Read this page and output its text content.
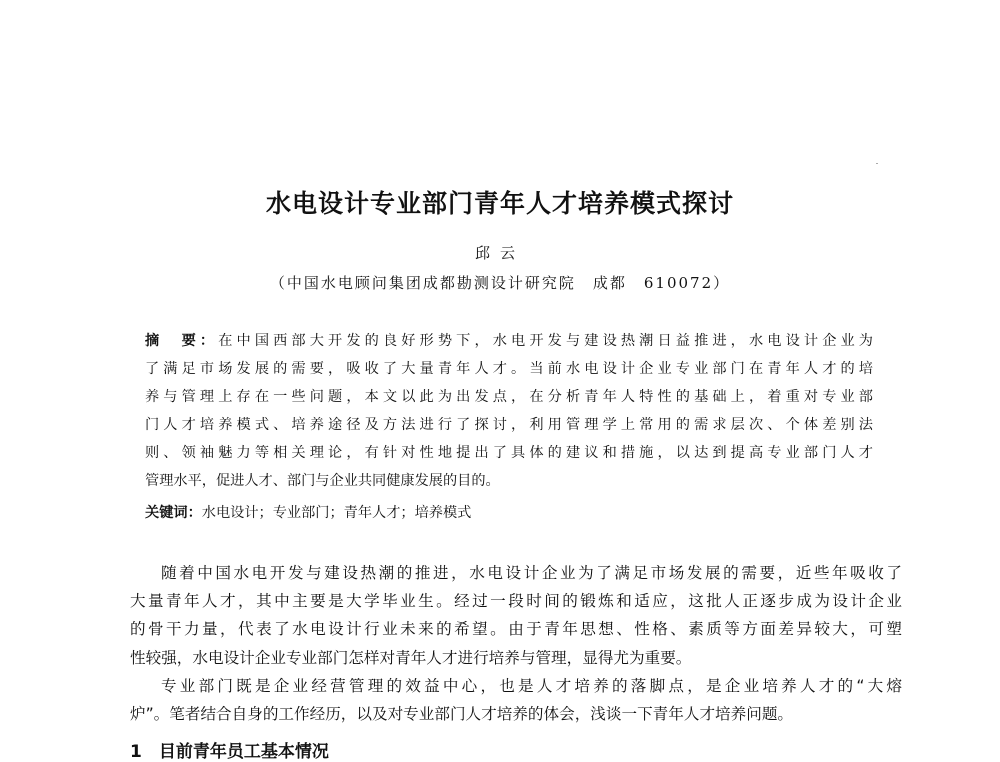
水电设计专业部门青年人才培养模式探讨
邱云
（中国水电顾问集团成都勘测设计研究院　成都　610072）
摘　要：在中国西部大开发的良好形势下，水电开发与建设热潮日益推进，水电设计企业为
了满足市场发展的需要，吸收了大量青年人才。当前水电设计企业专业部门在青年人才的培
养与管理上存在一些问题，本文以此为出发点，在分析青年人特性的基础上，着重对专业部
门人才培养模式、培养途径及方法进行了探讨，利用管理学上常用的需求层次、个体差别法
则、领袖魅力等相关理论，有针对性地提出了具体的建议和措施，以达到提高专业部门人才
管理水平，促进人才、部门与企业共同健康发展的目的。
关键词：水电设计；专业部门；青年人才；培养模式
随着中国水电开发与建设热潮的推进，水电设计企业为了满足市场发展的需要，近些年吸收了
大量青年人才，其中主要是大学毕业生。经过一段时间的锻炼和适应，这批人正逐步成为设计企业
的骨干力量，代表了水电设计行业未来的希望。由于青年思想、性格、素质等方面差异较大，可塑
性较强，水电设计企业专业部门怎样对青年人才进行培养与管理，显得尤为重要。
专业部门既是企业经营管理的效益中心，也是人才培养的落脚点，是企业培养人才的“大熔
炉”。笔者结合自身的工作经历，以及对专业部门人才培养的体会，浅谈一下青年人才培养问题。
1　目前青年员工基本情况
